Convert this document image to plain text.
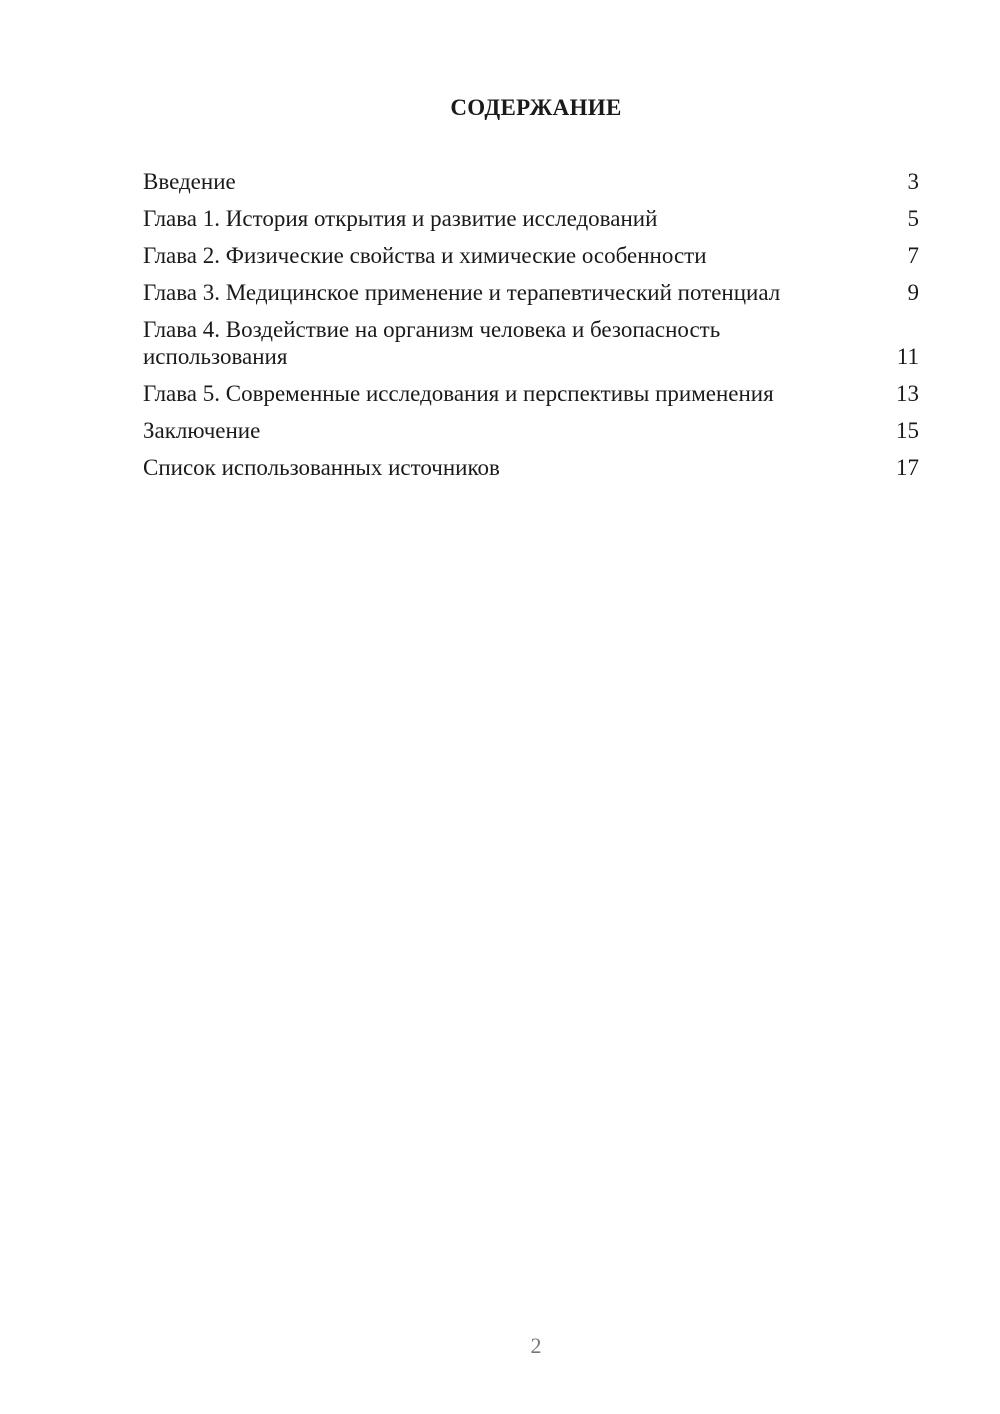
СОДЕРЖАНИЕ
Введение	3
Глава 1. История открытия и развитие исследований	5
Глава 2. Физические свойства и химические особенности	7
Глава 3. Медицинское применение и терапевтический потенциал	9
Глава 4. Воздействие на организм человека и безопасность использования	11
Глава 5. Современные исследования и перспективы применения	13
Заключение	15
Список использованных источников	17
2
